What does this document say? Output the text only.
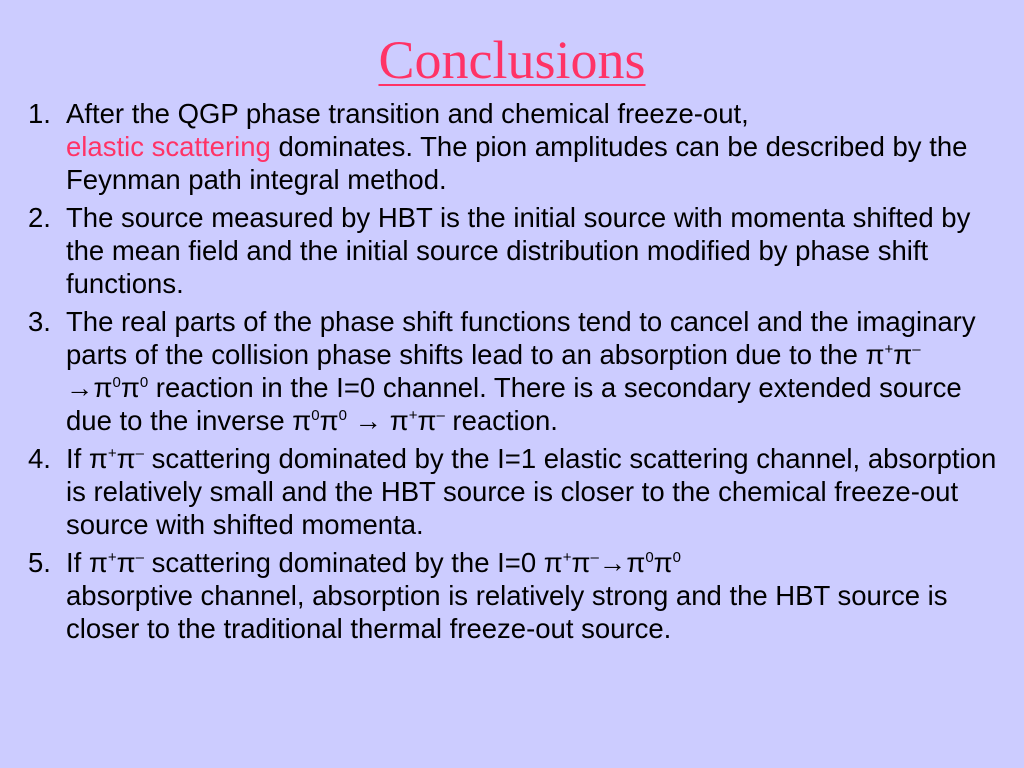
Conclusions
1. After the QGP phase transition and chemical freeze-out,
elastic scattering dominates. The pion amplitudes can be described by the Feynman path integral method.
2. The source measured by HBT is the initial source with momenta shifted by the mean field and the initial source distribution modified by phase shift functions.
3. The real parts of the phase shift functions tend to cancel and the imaginary parts of the collision phase shifts lead to an absorption due to the $\pi^+\pi^-\to\pi^0\pi^0$ reaction in the I=0 channel. There is a secondary extended source due to the inverse $\pi^0\pi^0 \to \pi^+\pi^-$ reaction.
4. If π+π– scattering dominated by the I=1 elastic scattering channel, absorption is relatively small and the HBT source is closer to the chemical freeze-out source with shifted momenta.
5. If π+π– scattering dominated by the I=0 $\pi^+\pi^-\to\pi^0\pi^0$
absorptive channel, absorption is relatively strong and the HBT source is closer to the traditional thermal freeze-out source.
